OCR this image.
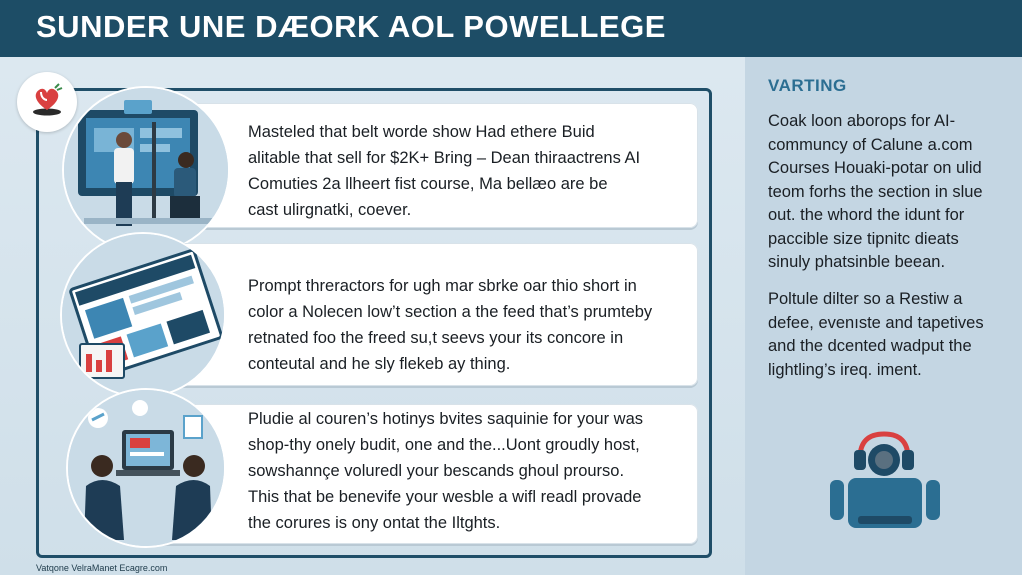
SUNDER UNE DÆORK AOL POWELLEGE
Masteled that belt worde show Had ethere Buid
alitable that sell for $2K+ Bring – Dean thiraactrens AI
Comuties 2a llheert fist course, Ma bellæo are be
cast ulirgnatki, coever.
Prompt threractors for ugh mar sbrke oar thio short in
color a Nolecen low’t section a the feed that’s prumteby
retnated foo the freed su,t seevs your its concore in
conteutal and he sly flekeb ay thing.
Pludie al couren’s hotinys bvites saquinie for your was
shop-thy onely budit, one and the...Uont groudly host,
sowshannçe voluredl your bescands ghoul prourso.
This that be benevife your wesble a wifl readl provade
the corures is ony ontat the Iltghts.
VARTING
Coak loon aborops for AI-
communcy of Calune a.com
Courses Houaki-potar on ulid
teom forhs the section in slue
out. the whord the idunt for
paccible size tipnitc dieats
sinuly phatsinble beean.
Poltule dilter so a Restiw a
defee, evenıste and tapetives
and the dcented wadput the
lightling’s ireq. iment.
Vatqone VelraManet Ecagre.com
